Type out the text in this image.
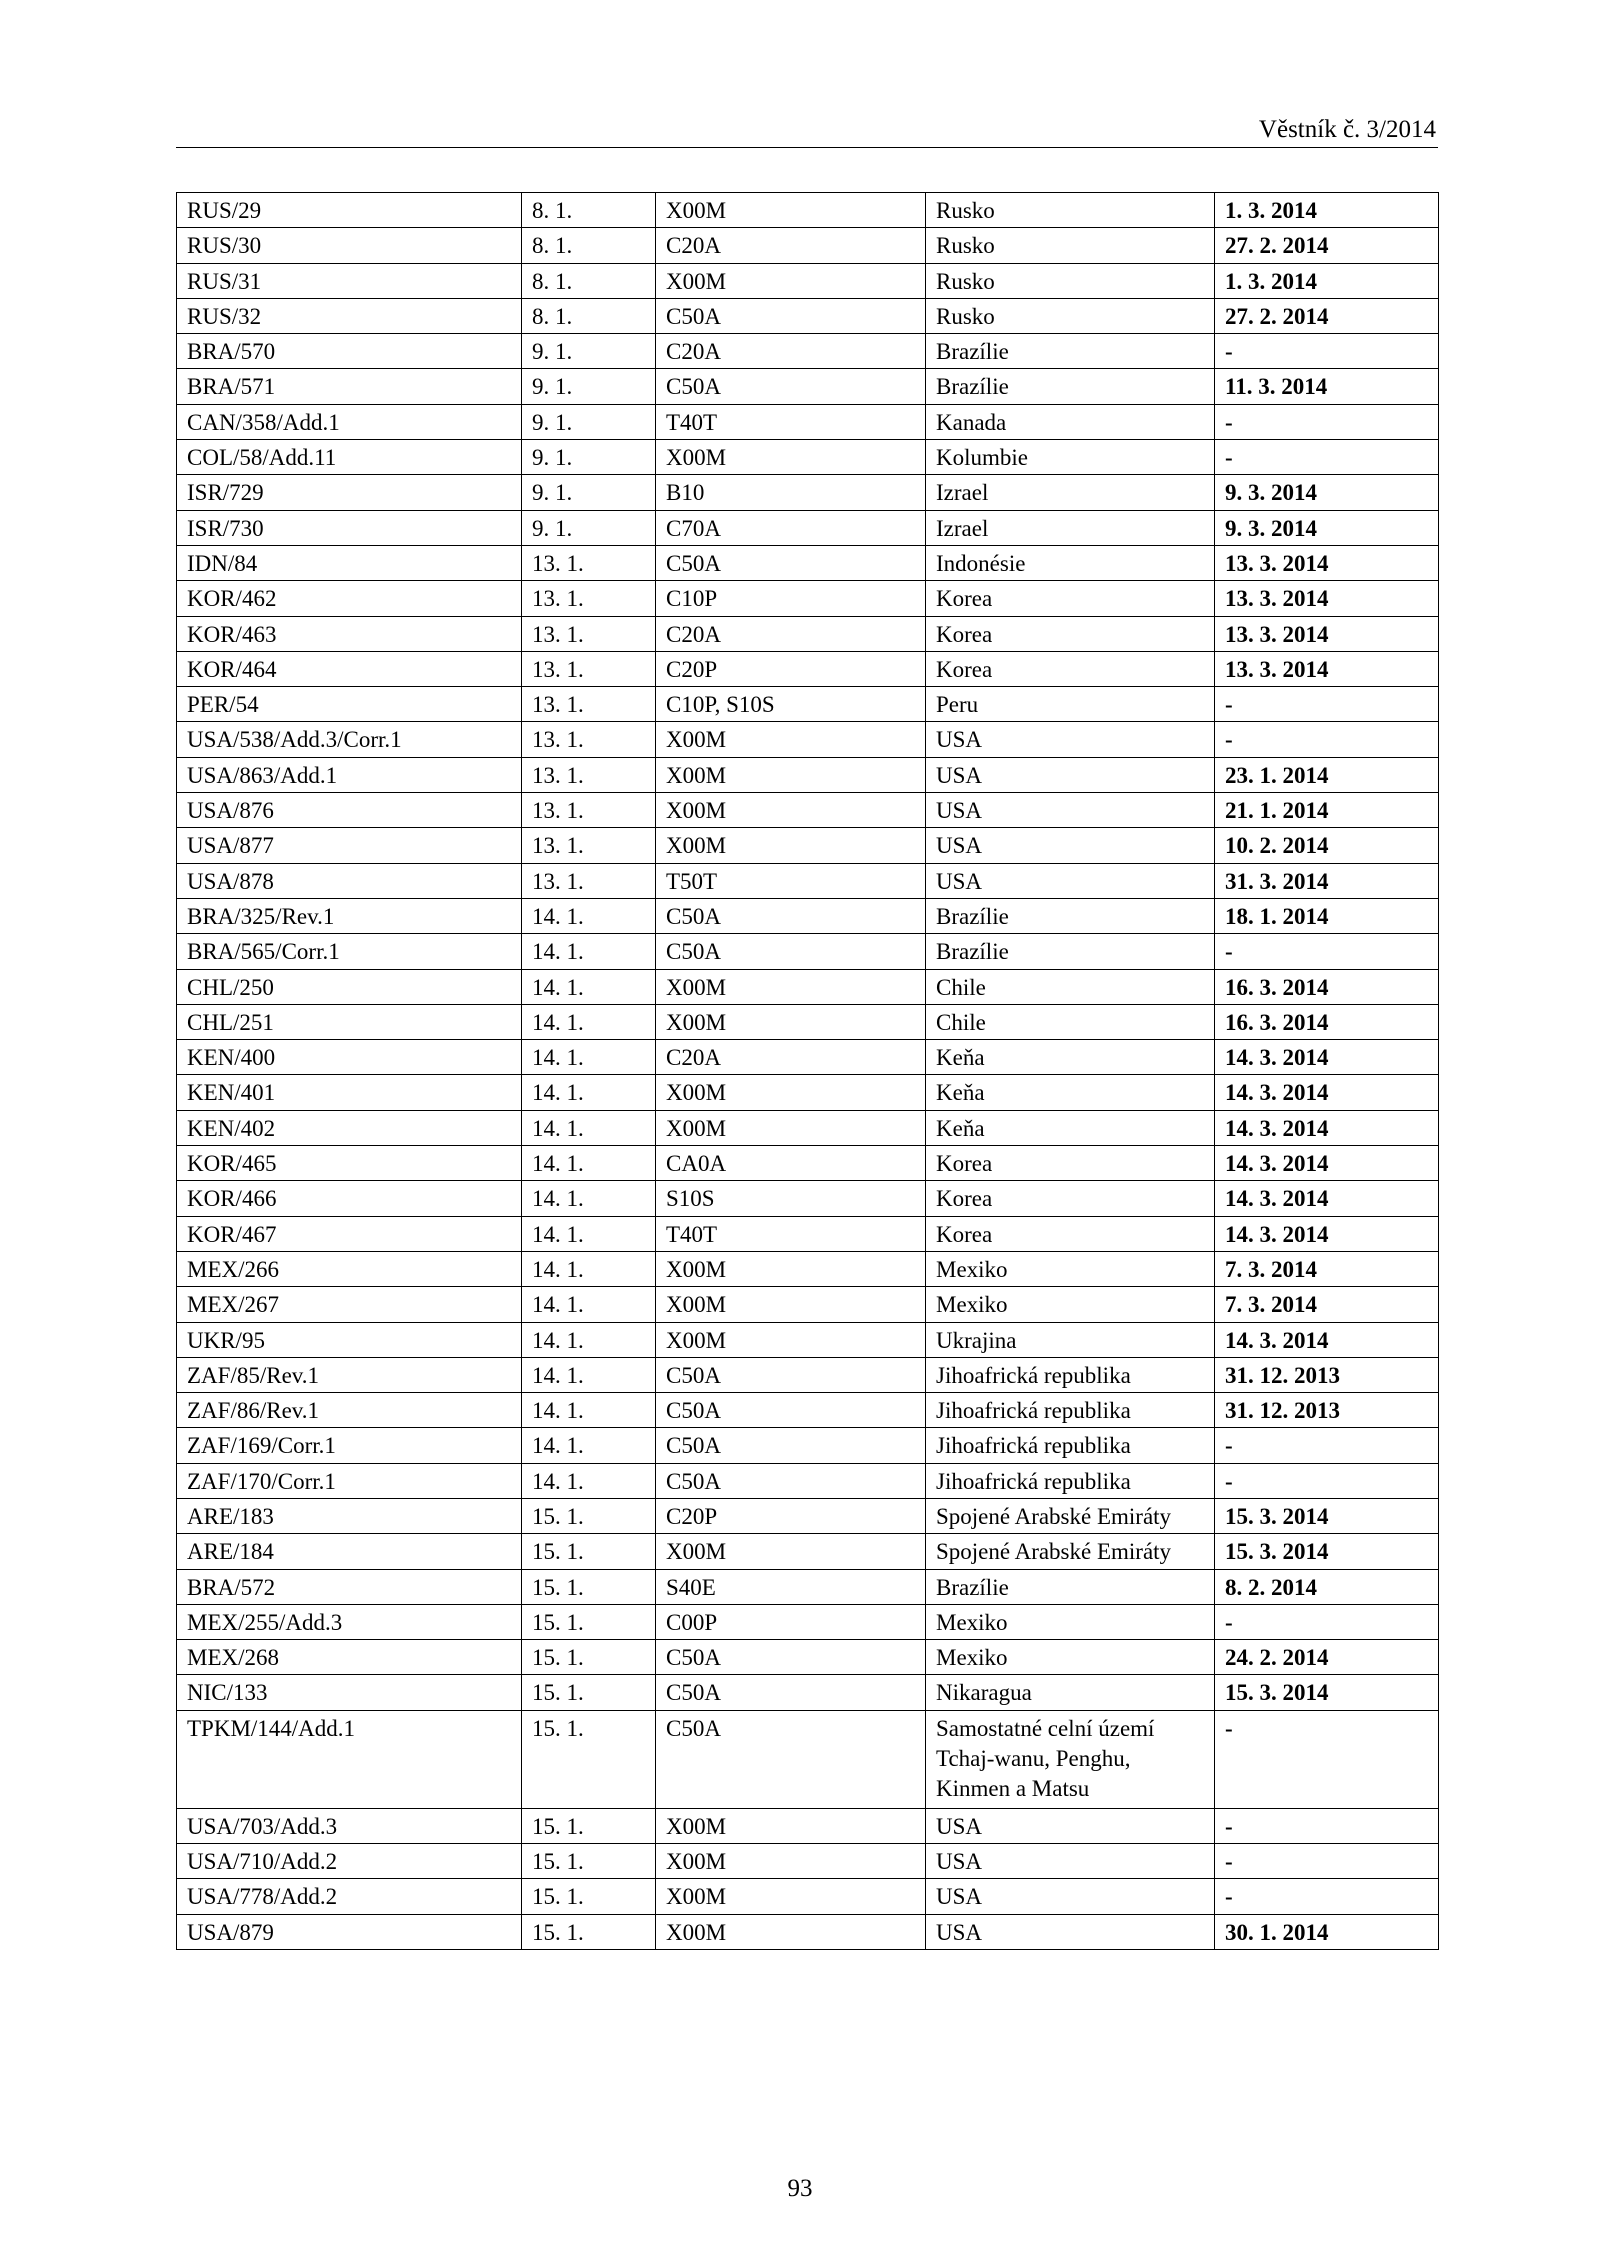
Věstník č. 3/2014
RUS/29	8. 1.	X00M	Rusko	1. 3. 2014
RUS/30	8. 1.	C20A	Rusko	27. 2. 2014
RUS/31	8. 1.	X00M	Rusko	1. 3. 2014
RUS/32	8. 1.	C50A	Rusko	27. 2. 2014
BRA/570	9. 1.	C20A	Brazílie	-
BRA/571	9. 1.	C50A	Brazílie	11. 3. 2014
CAN/358/Add.1	9. 1.	T40T	Kanada	-
COL/58/Add.11	9. 1.	X00M	Kolumbie	-
ISR/729	9. 1.	B10	Izrael	9. 3. 2014
ISR/730	9. 1.	C70A	Izrael	9. 3. 2014
IDN/84	13. 1.	C50A	Indonésie	13. 3. 2014
KOR/462	13. 1.	C10P	Korea	13. 3. 2014
KOR/463	13. 1.	C20A	Korea	13. 3. 2014
KOR/464	13. 1.	C20P	Korea	13. 3. 2014
PER/54	13. 1.	C10P, S10S	Peru	-
USA/538/Add.3/Corr.1	13. 1.	X00M	USA	-
USA/863/Add.1	13. 1.	X00M	USA	23. 1. 2014
USA/876	13. 1.	X00M	USA	21. 1. 2014
USA/877	13. 1.	X00M	USA	10. 2. 2014
USA/878	13. 1.	T50T	USA	31. 3. 2014
BRA/325/Rev.1	14. 1.	C50A	Brazílie	18. 1. 2014
BRA/565/Corr.1	14. 1.	C50A	Brazílie	-
CHL/250	14. 1.	X00M	Chile	16. 3. 2014
CHL/251	14. 1.	X00M	Chile	16. 3. 2014
KEN/400	14. 1.	C20A	Keňa	14. 3. 2014
KEN/401	14. 1.	X00M	Keňa	14. 3. 2014
KEN/402	14. 1.	X00M	Keňa	14. 3. 2014
KOR/465	14. 1.	CA0A	Korea	14. 3. 2014
KOR/466	14. 1.	S10S	Korea	14. 3. 2014
KOR/467	14. 1.	T40T	Korea	14. 3. 2014
MEX/266	14. 1.	X00M	Mexiko	7. 3. 2014
MEX/267	14. 1.	X00M	Mexiko	7. 3. 2014
UKR/95	14. 1.	X00M	Ukrajina	14. 3. 2014
ZAF/85/Rev.1	14. 1.	C50A	Jihoafrická republika	31. 12. 2013
ZAF/86/Rev.1	14. 1.	C50A	Jihoafrická republika	31. 12. 2013
ZAF/169/Corr.1	14. 1.	C50A	Jihoafrická republika	-
ZAF/170/Corr.1	14. 1.	C50A	Jihoafrická republika	-
ARE/183	15. 1.	C20P	Spojené Arabské Emiráty	15. 3. 2014
ARE/184	15. 1.	X00M	Spojené Arabské Emiráty	15. 3. 2014
BRA/572	15. 1.	S40E	Brazílie	8. 2. 2014
MEX/255/Add.3	15. 1.	C00P	Mexiko	-
MEX/268	15. 1.	C50A	Mexiko	24. 2. 2014
NIC/133	15. 1.	C50A	Nikaragua	15. 3. 2014
TPKM/144/Add.1	15. 1.	C50A	Samostatné celní území
Tchaj-wanu, Penghu,
Kinmen a Matsu	-
USA/703/Add.3	15. 1.	X00M	USA	-
USA/710/Add.2	15. 1.	X00M	USA	-
USA/778/Add.2	15. 1.	X00M	USA	-
USA/879	15. 1.	X00M	USA	30. 1. 2014
93
